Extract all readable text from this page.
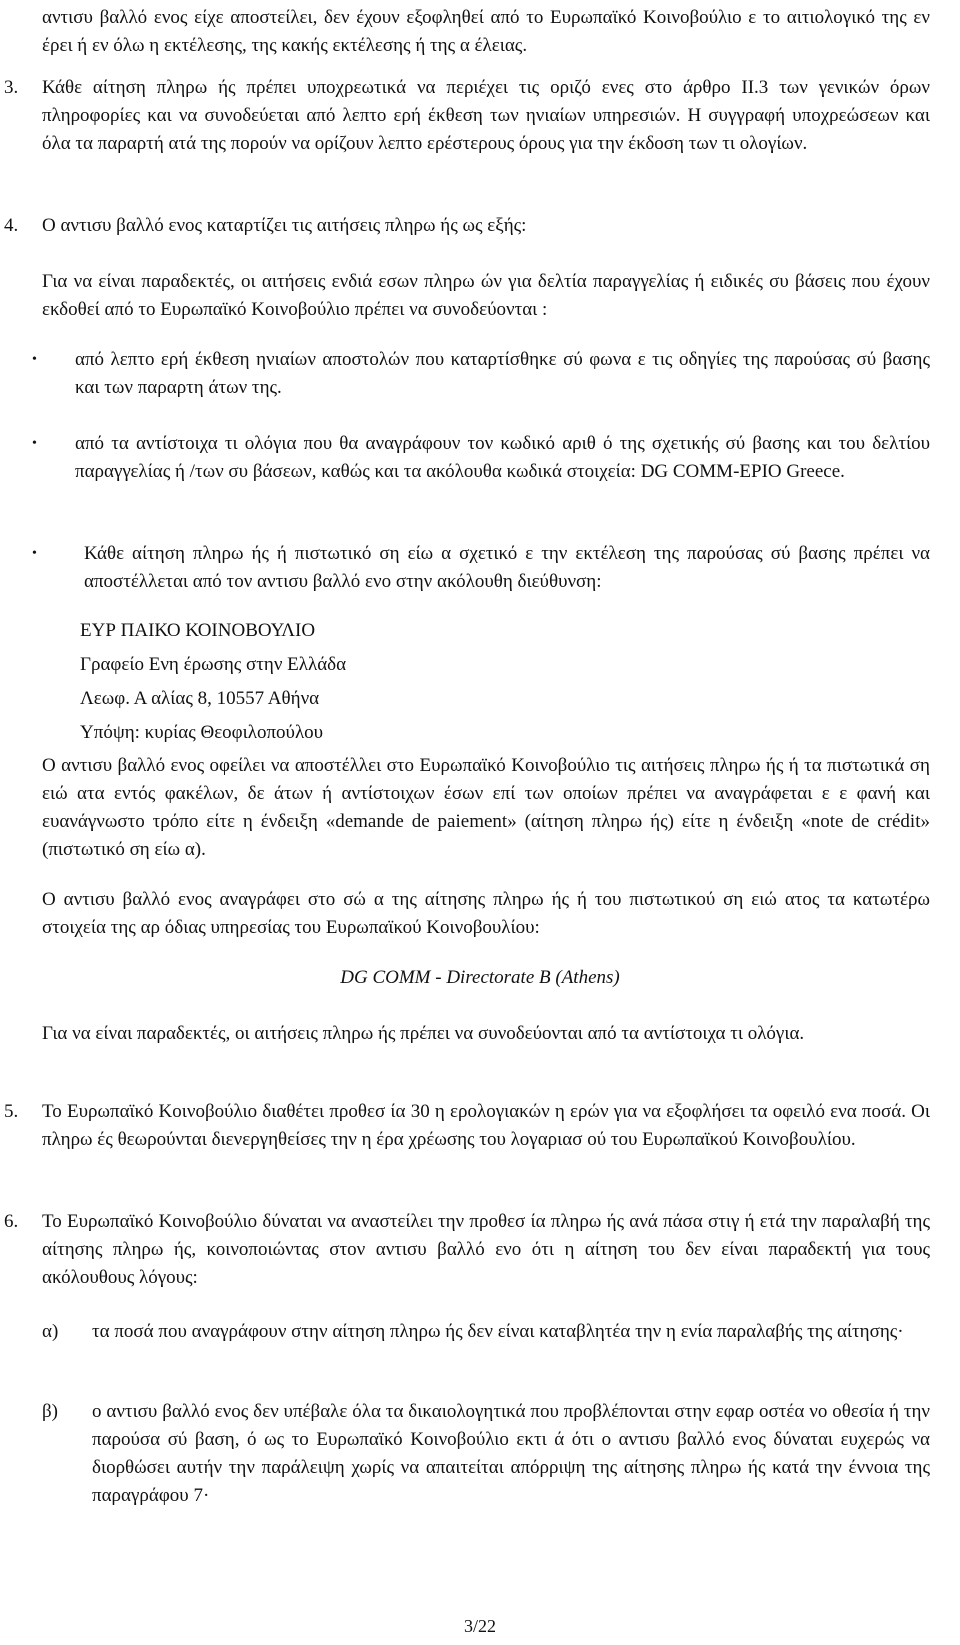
αντισυ βαλλό ενος είχε αποστείλει, δεν έχουν εξοφληθεί από το Ευρωπαϊκό Κοινοβούλιο ε το αιτιολογικό της εν έρει ή εν όλω η εκτέλεσης, της κακής εκτέλεσης ή της α έλειας.
3. Κάθε αίτηση πληρω ής πρέπει υποχρεωτικά να περιέχει τις οριζό ενες στο άρθρο ΙΙ.3 των γενικών όρων πληροφορίες και να συνοδεύεται από λεπτο ερή έκθεση των ηνιαίων υπηρεσιών. Η συγγραφή υποχρεώσεων και όλα τα παραρτή ατά της πορούν να ορίζουν λεπτο ερέστερους όρους για την έκδοση των τι ολογίων.
4. Ο αντισυ βαλλό ενος καταρτίζει τις αιτήσεις πληρω ής ως εξής:
Για να είναι παραδεκτές, οι αιτήσεις ενδιά εσων πληρω ών για δελτία παραγγελίας ή ειδικές συ βάσεις που έχουν εκδοθεί από το Ευρωπαϊκό Κοινοβούλιο πρέπει να συνοδεύονται :
• από λεπτο ερή έκθεση ηνιαίων αποστολών που καταρτίσθηκε σύ φωνα ε τις οδηγίες της παρούσας σύ βασης και των παραρτη άτων της.
• από τα αντίστοιχα τι ολόγια που θα αναγράφουν τον κωδικό αριθ ό της σχετικής σύ βασης και του δελτίου παραγγελίας ή /των συ βάσεων, καθώς και τα ακόλουθα κωδικά στοιχεία: DG COMM-EPIO Greece.
• Κάθε αίτηση πληρω ής ή πιστωτικό ση είω α σχετικό ε την εκτέλεση της παρούσας σύ βασης πρέπει να αποστέλλεται από τον αντισυ βαλλό ενο στην ακόλουθη διεύθυνση:
ΕΥΡ ΠΑΙΚΟ ΚΟΙΝΟΒΟΥΛΙΟ
Γραφείο Ενη έρωσης στην Ελλάδα
Λεωφ. Α αλίας 8, 10557 Αθήνα
Υπόψη: κυρίας Θεοφιλοπούλου
Ο αντισυ βαλλό ενος οφείλει να αποστέλλει στο Ευρωπαϊκό Κοινοβούλιο τις αιτήσεις πληρω ής ή τα πιστωτικά ση ειώ ατα εντός φακέλων, δε άτων ή αντίστοιχων έσων επί των οποίων πρέπει να αναγράφεται ε ε φανή και ευανάγνωστο τρόπο είτε η ένδειξη «demande de paiement» (αίτηση πληρω ής) είτε η ένδειξη «note de crédit» (πιστωτικό ση είω α).
Ο αντισυ βαλλό ενος αναγράφει στο σώ α της αίτησης πληρω ής ή του πιστωτικού ση ειώ ατος τα κατωτέρω στοιχεία της αρ όδιας υπηρεσίας του Ευρωπαϊκού Κοινοβουλίου:
DG COMM - Directorate B (Athens)
Για να είναι παραδεκτές, οι αιτήσεις πληρω ής πρέπει να συνοδεύονται από τα αντίστοιχα τι ολόγια.
5. Το Ευρωπαϊκό Κοινοβούλιο διαθέτει προθεσ ία 30 η ερολογιακών η ερών για να εξοφλήσει τα οφειλό ενα ποσά. Οι πληρω ές θεωρούνται διενεργηθείσες την η έρα χρέωσης του λογαριασ ού του Ευρωπαϊκού Κοινοβουλίου.
6. Το Ευρωπαϊκό Κοινοβούλιο δύναται να αναστείλει την προθεσ ία πληρω ής ανά πάσα στιγ ή ετά την παραλαβή της αίτησης πληρω ής, κοινοποιώντας στον αντισυ βαλλό ενο ότι η αίτηση του δεν είναι παραδεκτή για τους ακόλουθους λόγους:
α) τα ποσά που αναγράφουν στην αίτηση πληρω ής δεν είναι καταβλητέα την η ενία παραλαβής της αίτησης·
β) ο αντισυ βαλλό ενος δεν υπέβαλε όλα τα δικαιολογητικά που προβλέπονται στην εφαρ οστέα νο οθεσία ή την παρούσα σύ βαση, ό ως το Ευρωπαϊκό Κοινοβούλιο εκτι ά ότι ο αντισυ βαλλό ενος δύναται ευχερώς να διορθώσει αυτήν την παράλειψη χωρίς να απαιτείται απόρριψη της αίτησης πληρω ής κατά την έννοια της παραγράφου 7·
3/22
